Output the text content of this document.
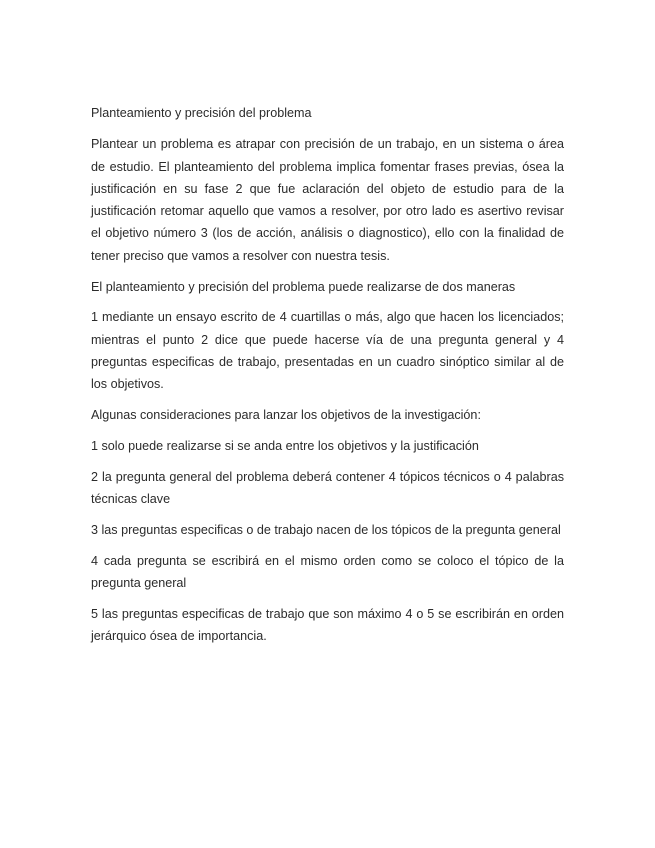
Planteamiento y precisión del problema

Plantear un problema es atrapar con precisión de un trabajo, en un sistema o área de estudio. El planteamiento del problema implica fomentar frases previas, ósea la justificación en su fase 2 que fue aclaración del objeto de estudio para de la justificación retomar aquello que vamos a resolver, por otro lado es asertivo revisar el objetivo número 3 (los de acción, análisis o diagnostico), ello con la finalidad de tener preciso que vamos a resolver con nuestra tesis.

El planteamiento y precisión del problema puede realizarse de dos maneras

1 mediante un ensayo escrito de 4 cuartillas o más, algo que hacen los licenciados; mientras el punto 2 dice que puede hacerse vía de una pregunta general y 4 preguntas especificas de trabajo, presentadas en un cuadro sinóptico similar al de los objetivos.

Algunas consideraciones para lanzar los objetivos de la investigación:

1 solo puede realizarse si se anda entre los objetivos y la justificación

2 la pregunta general del problema deberá contener 4 tópicos técnicos o 4 palabras técnicas clave

3 las preguntas especificas o de trabajo nacen de los tópicos de la pregunta general

4 cada pregunta se escribirá en el mismo orden como se coloco el tópico de la pregunta general

5 las preguntas especificas de trabajo que son máximo 4 o 5 se escribirán en orden jerárquico ósea de importancia.
